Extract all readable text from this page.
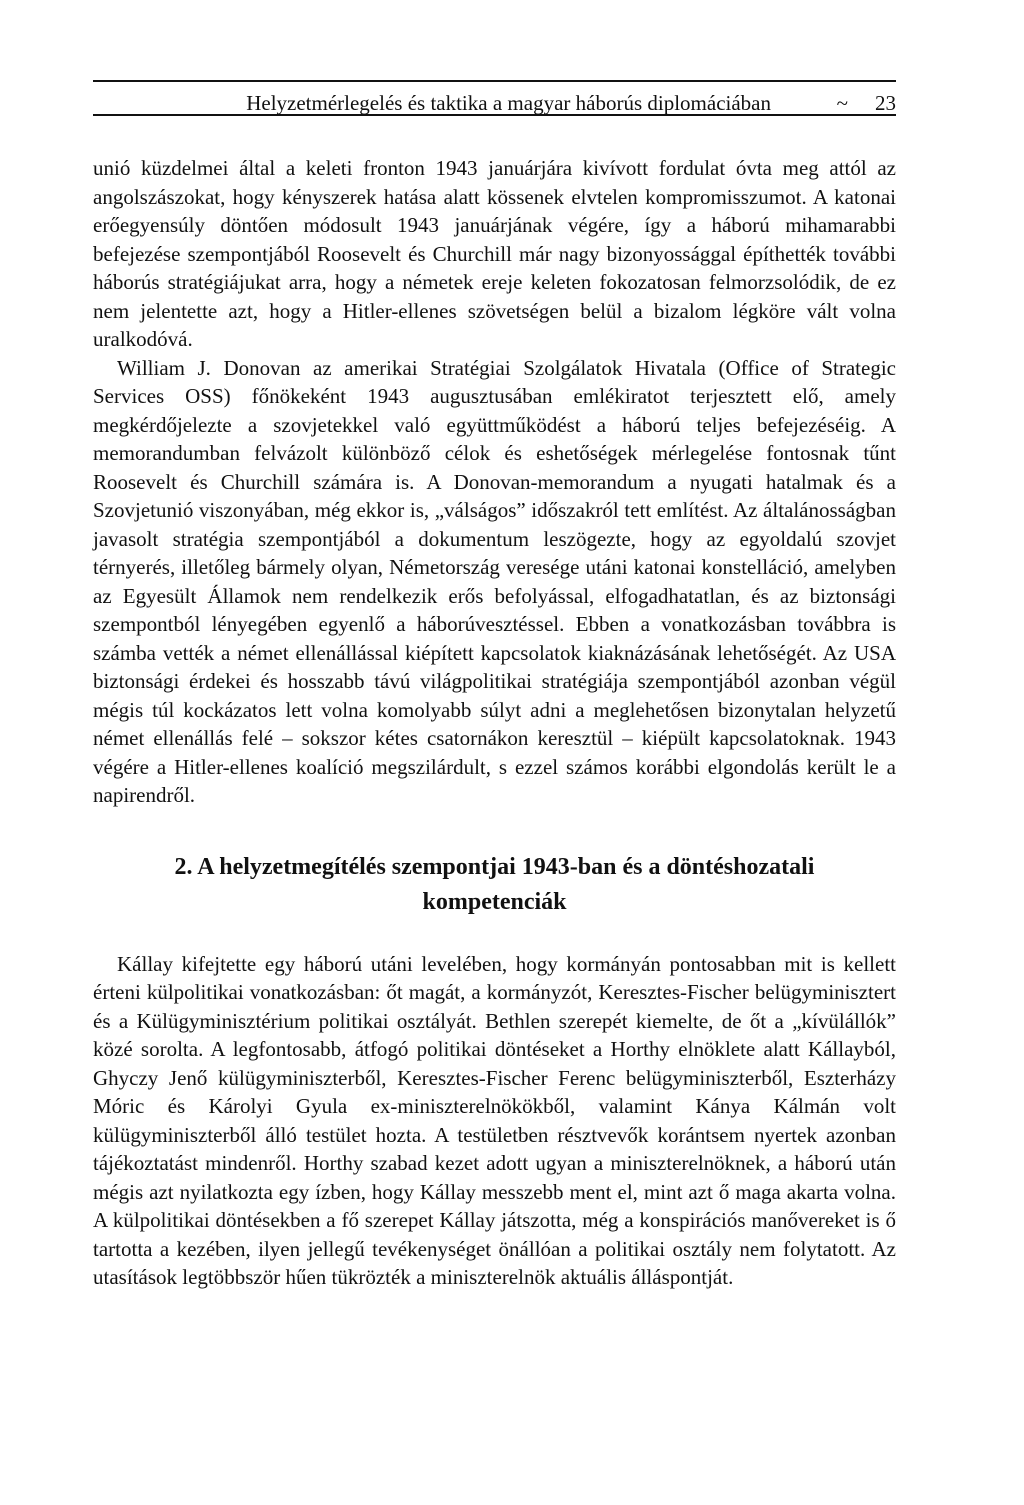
Helyzetmérlegelés és taktika a magyar háborús diplomáciában	~ 23

unió küzdelmei által a keleti fronton 1943 januárjára kivívott fordulat óvta meg attól az angolszászokat, hogy kényszerek hatása alatt kössenek elvtelen kompromisszumot. A katonai erőegyensúly döntően módosult 1943 januárjának végére, így a háború mihamarabbi befejezése szempontjából Roosevelt és Churchill már nagy bizonyossággal építhették további háborús stratégiájukat arra, hogy a németek ereje keleten fokozatosan felmorzsolódik, de ez nem jelentette azt, hogy a Hitler-ellenes szövetségen belül a bizalom légköre vált volna uralkodóvá.

William J. Donovan az amerikai Stratégiai Szolgálatok Hivatala (Office of Strategic Services OSS) főnökeként 1943 augusztusában emlékiratot terjesztett elő, amely megkérdőjelezte a szovjetekkel való együttműködést a háború teljes befejezéséig. A memorandumban felvázolt különböző célok és eshetőségek mérlegelése fontosnak tűnt Roosevelt és Churchill számára is. A Donovan-memorandum a nyugati hatalmak és a Szovjetunió viszonyában, még ekkor is, „válságos” időszakról tett említést. Az általánosságban javasolt stratégia szempontjából a dokumentum leszögezte, hogy az egyoldalú szovjet térnyerés, illetőleg bármely olyan, Németország veresége utáni katonai konstelláció, amelyben az Egyesült Államok nem rendelkezik erős befolyással, elfogadhatatlan, és az biztonsági szempontból lényegében egyenlő a háborúvesztéssel. Ebben a vonatkozásban továbbra is számba vették a német ellenállással kiépített kapcsolatok kiaknázásának lehetőségét. Az USA biztonsági érdekei és hosszabb távú világpolitikai stratégiája szempontjából azonban végül mégis túl kockázatos lett volna komolyabb súlyt adni a meglehetősen bizonytalan helyzetű német ellenállás felé – sokszor kétes csatornákon keresztül – kiépült kapcsolatoknak. 1943 végére a Hitler-ellenes koalíció megszilárdult, s ezzel számos korábbi elgondolás került le a napirendről.

2. A helyzetmegítélés szempontjai 1943-ban és a döntéshozatali kompetenciák

Kállay kifejtette egy háború utáni levelében, hogy kormányán pontosabban mit is kellett érteni külpolitikai vonatkozásban: őt magát, a kormányzót, Keresztes-Fischer belügyminisztert és a Külügyminisztérium politikai osztályát. Bethlen szerepét kiemelte, de őt a „kívülállók” közé sorolta. A legfontosabb, átfogó politikai döntéseket a Horthy elnöklete alatt Kállayból, Ghyczy Jenő külügyminiszterből, Keresztes-Fischer Ferenc belügyminiszterből, Eszterházy Móric és Károlyi Gyula ex-miniszterelnökökből, valamint Kánya Kálmán volt külügyminiszterből álló testület hozta. A testületben résztvevők korántsem nyertek azonban tájékoztatást mindenről. Horthy szabad kezet adott ugyan a miniszterelnöknek, a háború után mégis azt nyilatkozta egy ízben, hogy Kállay messzebb ment el, mint azt ő maga akarta volna. A külpolitikai döntésekben a fő szerepet Kállay játszotta, még a konspirációs manővereket is ő tartotta a kezében, ilyen jellegű tevékenységet önállóan a politikai osztály nem folytatott. Az utasítások legtöbbször hűen tükrözték a miniszterelnök aktuális álláspontját.
